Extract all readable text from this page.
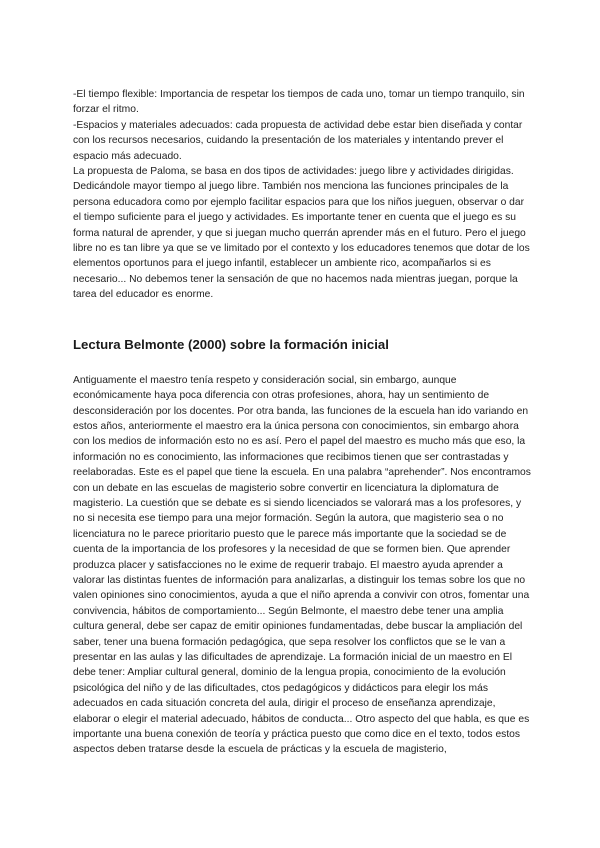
-El tiempo flexible: Importancia de respetar los tiempos de cada uno, tomar un tiempo tranquilo, sin forzar el ritmo.

-Espacios y materiales adecuados: cada propuesta de actividad debe estar bien diseñada y contar con los recursos necesarios, cuidando la presentación de los materiales y intentando prever el espacio más adecuado.

La propuesta de Paloma, se basa en dos tipos de actividades: juego libre y actividades dirigidas. Dedicándole mayor tiempo al juego libre. También nos menciona las funciones principales de la persona educadora como por ejemplo facilitar espacios para que los niños jueguen, observar o dar el tiempo suficiente para el juego y actividades. Es importante tener en cuenta que el juego es su forma natural de aprender, y que si juegan mucho querrán aprender más en el futuro. Pero el juego libre no es tan libre ya que se ve limitado por el contexto y los educadores tenemos que dotar de los elementos oportunos para el juego infantil, establecer un ambiente rico, acompañarlos si es necesario... No debemos tener la sensación de que no hacemos nada mientras juegan, porque la tarea del educador es enorme.

Lectura Belmonte (2000) sobre la formación inicial

Antiguamente el maestro tenía respeto y consideración social, sin embargo, aunque económicamente haya poca diferencia con otras profesiones, ahora, hay un sentimiento de desconsideración por los docentes. Por otra banda, las funciones de la escuela han ido variando en estos años, anteriormente el maestro era la única persona con conocimientos, sin embargo ahora con los medios de información esto no es así. Pero el papel del maestro es mucho más que eso, la información no es conocimiento, las informaciones que recibimos tienen que ser contrastadas y reelaboradas. Este es el papel que tiene la escuela. En una palabra “aprehender”. Nos encontramos con un debate en las escuelas de magisterio sobre convertir en licenciatura la diplomatura de magisterio. La cuestión que se debate es si siendo licenciados se valorará mas a los profesores, y no si necesita ese tiempo para una mejor formación. Según la autora, que magisterio sea o no licenciatura no le parece prioritario puesto que le parece más importante que la sociedad se de cuenta de la importancia de los profesores y la necesidad de que se formen bien. Que aprender produzca placer y satisfacciones no le exime de requerir trabajo. El maestro ayuda aprender a valorar las distintas fuentes de información para analizarlas, a distinguir los temas sobre los que no valen opiniones sino conocimientos, ayuda a que el niño aprenda a convivir con otros, fomentar una convivencia, hábitos de comportamiento... Según Belmonte, el maestro debe tener una amplia cultura general, debe ser capaz de emitir opiniones fundamentadas, debe buscar la ampliación del saber, tener una buena formación pedagógica, que sepa resolver los conflictos que se le van a presentar en las aulas y las dificultades de aprendizaje. La formación inicial de un maestro en El debe tener: Ampliar cultural general, dominio de la lengua propia, conocimiento de la evolución psicológica del niño y de las dificultades, ctos pedagógicos y didácticos para elegir los más adecuados en cada situación concreta del aula, dirigir el proceso de enseñanza aprendizaje, elaborar o elegir el material adecuado, hábitos de conducta... Otro aspecto del que habla, es que es importante una buena conexión de teoría y práctica puesto que como dice en el texto, todos estos aspectos deben tratarse desde la escuela de prácticas y la escuela de magisterio,
